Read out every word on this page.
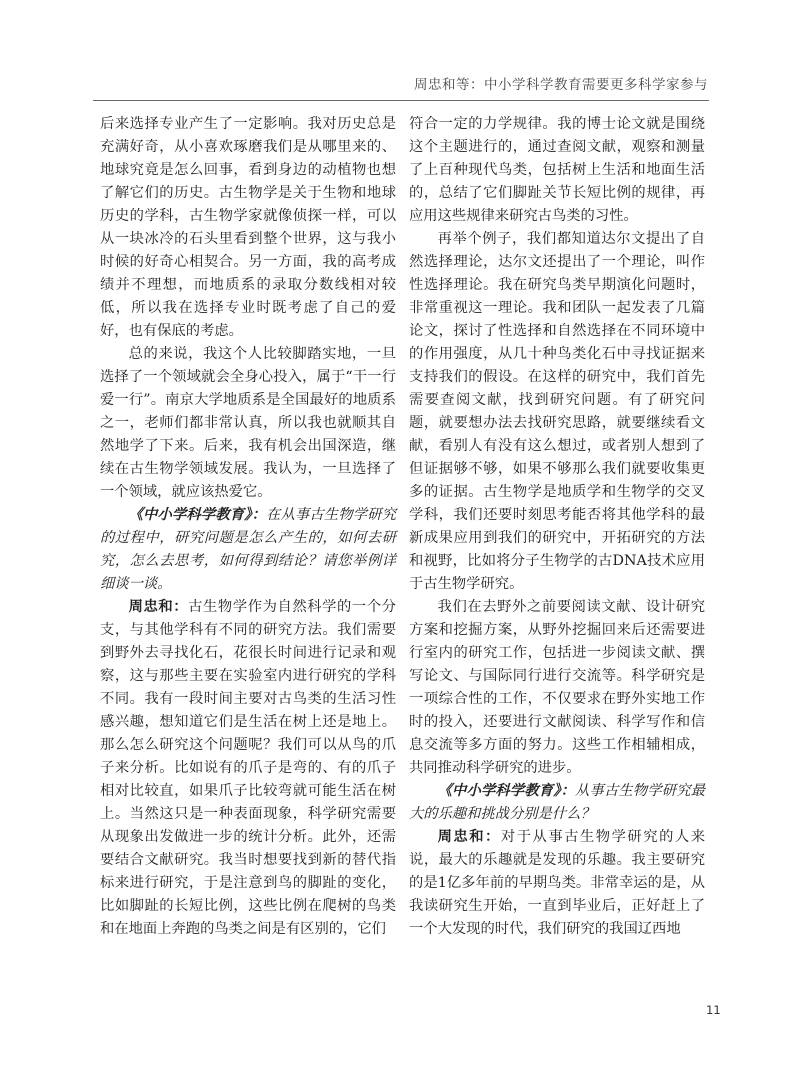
周忠和等：中小学科学教育需要更多科学家参与

后来选择专业产生了一定影响。我对历史总是充满好奇，从小喜欢琢磨我们是从哪里来的、地球究竟是怎么回事，看到身边的动植物也想了解它们的历史。古生物学是关于生物和地球历史的学科，古生物学家就像侦探一样，可以从一块冰冷的石头里看到整个世界，这与我小时候的好奇心相契合。另一方面，我的高考成绩并不理想，而地质系的录取分数线相对较低，所以我在选择专业时既考虑了自己的爱好，也有保底的考虑。

总的来说，我这个人比较脚踏实地，一旦选择了一个领域就会全身心投入，属于“干一行爱一行”。南京大学地质系是全国最好的地质系之一，老师们都非常认真，所以我也就顺其自然地学了下来。后来，我有机会出国深造，继续在古生物学领域发展。我认为，一旦选择了一个领域，就应该热爱它。

《中小学科学教育》：在从事古生物学研究的过程中，研究问题是怎么产生的，如何去研究，怎么去思考，如何得到结论？请您举例详细谈一谈。

周忠和：古生物学作为自然科学的一个分支，与其他学科有不同的研究方法。我们需要到野外去寻找化石，花很长时间进行记录和观察，这与那些主要在实验室内进行研究的学科不同。我有一段时间主要对古鸟类的生活习性感兴趣，想知道它们是生活在树上还是地上。那么怎么研究这个问题呢？我们可以从鸟的爪子来分析。比如说有的爪子是弯的、有的爪子相对比较直，如果爪子比较弯就可能生活在树上。当然这只是一种表面现象，科学研究需要从现象出发做进一步的统计分析。此外，还需要结合文献研究。我当时想要找到新的替代指标来进行研究，于是注意到鸟的脚趾的变化，比如脚趾的长短比例，这些比例在爬树的鸟类和在地面上奔跑的鸟类之间是有区别的，它们

符合一定的力学规律。我的博士论文就是围绕这个主题进行的，通过查阅文献，观察和测量了上百种现代鸟类，包括树上生活和地面生活的，总结了它们脚趾关节长短比例的规律，再应用这些规律来研究古鸟类的习性。

再举个例子，我们都知道达尔文提出了自然选择理论，达尔文还提出了一个理论，叫作性选择理论。我在研究鸟类早期演化问题时，非常重视这一理论。我和团队一起发表了几篇论文，探讨了性选择和自然选择在不同环境中的作用强度，从几十种鸟类化石中寻找证据来支持我们的假设。在这样的研究中，我们首先需要查阅文献，找到研究问题。有了研究问题，就要想办法去找研究思路，就要继续看文献，看别人有没有这么想过，或者别人想到了但证据够不够，如果不够那么我们就要收集更多的证据。古生物学是地质学和生物学的交叉学科，我们还要时刻思考能否将其他学科的最新成果应用到我们的研究中，开拓研究的方法和视野，比如将分子生物学的古DNA技术应用于古生物学研究。

我们在去野外之前要阅读文献、设计研究方案和挖掘方案，从野外挖掘回来后还需要进行室内的研究工作，包括进一步阅读文献、撰写论文、与国际同行进行交流等。科学研究是一项综合性的工作，不仅要求在野外实地工作时的投入，还要进行文献阅读、科学写作和信息交流等多方面的努力。这些工作相辅相成，共同推动科学研究的进步。

《中小学科学教育》：从事古生物学研究最大的乐趣和挑战分别是什么？

周忠和：对于从事古生物学研究的人来说，最大的乐趣就是发现的乐趣。我主要研究的是1亿多年前的早期鸟类。非常幸运的是，从我读研究生开始，一直到毕业后，正好赶上了一个大发现的时代，我们研究的我国辽西地

11
